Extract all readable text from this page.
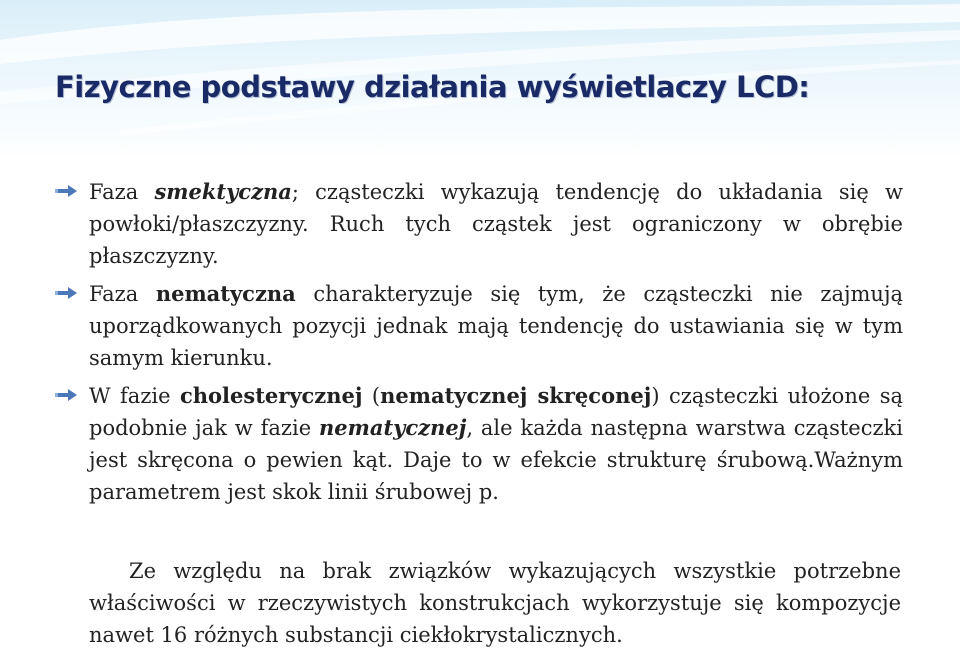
Fizyczne podstawy działania wyświetlaczy LCD:
Faza smektyczna; cząsteczki wykazują tendencję do układania się w powłoki/płaszczyzny. Ruch tych cząstek jest ograniczony w obrębie płaszczyzny.
Faza nematyczna charakteryzuje się tym, że cząsteczki nie zajmują uporządkowanych pozycji jednak mają tendencję do ustawiania się w tym samym kierunku.
W fazie cholesterycznej (nematycznej skręconej) cząsteczki ułożone są podobnie jak w fazie nematycznej, ale każda następna warstwa cząsteczki jest skręcona o pewien kąt. Daje to w efekcie strukturę śrubową.Ważnym parametrem jest skok linii śrubowej p.
Ze względu na brak związków wykazujących wszystkie potrzebne właściwości w rzeczywistych konstrukcjach wykorzystuje się kompozycje nawet 16 różnych substancji ciekłokrystalicznych.
